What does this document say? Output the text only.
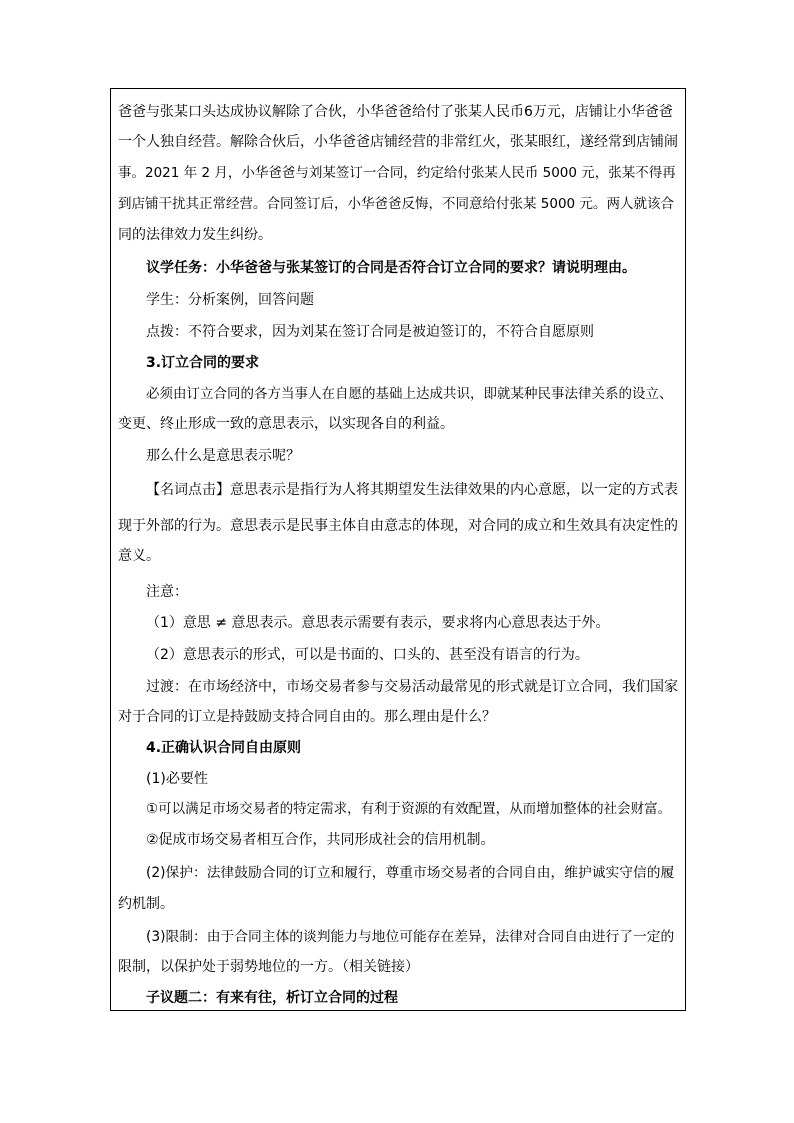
爸爸与张某口头达成协议解除了合伙，小华爸爸给付了张某人民币6万元，店铺让小华爸爸
一个人独自经营。解除合伙后，小华爸爸店铺经营的非常红火，张某眼红，遂经常到店铺闹
事。2021 年 2 月，小华爸爸与刘某签订一合同，约定给付张某人民币 5000 元，张某不得再
到店铺干扰其正常经营。合同签订后，小华爸爸反悔，不同意给付张某 5000 元。两人就该合
同的法律效力发生纠纷。
议学任务：小华爸爸与张某签订的合同是否符合订立合同的要求？请说明理由。
学生：分析案例，回答问题
点拨：不符合要求，因为刘某在签订合同是被迫签订的，不符合自愿原则
3.订立合同的要求
必须由订立合同的各方当事人在自愿的基础上达成共识，即就某种民事法律关系的设立、
变更、终止形成一致的意思表示，以实现各自的利益。
那么什么是意思表示呢？
【名词点击】意思表示是指行为人将其期望发生法律效果的内心意愿，以一定的方式表
现于外部的行为。意思表示是民事主体自由意志的体现，对合同的成立和生效具有决定性的
意义。
注意：
（1）意思 ≠ 意思表示。意思表示需要有表示，要求将内心意思表达于外。
（2）意思表示的形式，可以是书面的、口头的、甚至没有语言的行为。
过渡：在市场经济中，市场交易者参与交易活动最常见的形式就是订立合同，我们国家
对于合同的订立是持鼓励支持合同自由的。那么理由是什么？
4.正确认识合同自由原则
(1)必要性
①可以满足市场交易者的特定需求，有利于资源的有效配置，从而增加整体的社会财富。
②促成市场交易者相互合作，共同形成社会的信用机制。
(2)保护：法律鼓励合同的订立和履行，尊重市场交易者的合同自由，维护诚实守信的履
约机制。
(3)限制：由于合同主体的谈判能力与地位可能存在差异，法律对合同自由进行了一定的
限制，以保护处于弱势地位的一方。（相关链接）
子议题二：有来有往，析订立合同的过程
